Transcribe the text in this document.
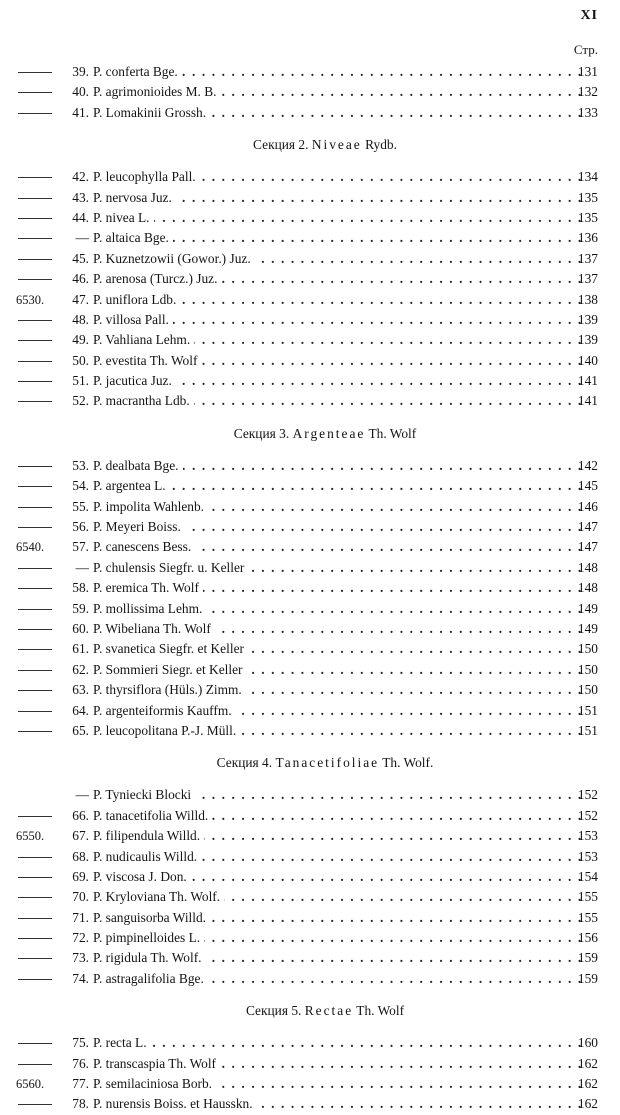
XI
Стр.
39. P. conferta Bge. . . .	131
40. P. agrimonioides M. B. . . .	132
41. P. Lomakinii Grossh. . . .	133
Секция 2. Niveae Rydb.
42. P. leucophylla Pall. . . .	134
43. P. nervosa Juz. . . .	135
44. P. nivea L. . . .	135
— P. altaica Bge. . . .	136
45. P. Kuznetzowii (Gowor.) Juz. . . .	137
46. P. arenosa (Turcz.) Juz. . . .	137
6530.	47. P. uniflora Ldb. . . .	138
48. P. villosa Pall. . . .	139
49. P. Vahliana Lehm. . . .	139
50. P. evestita Th. Wolf . . .	140
51. P. jacutica Juz. . . .	141
52. P. macrantha Ldb. . . .	141
Секция 3. Argenteae Th. Wolf
53. P. dealbata Bge. . . .	142
54. P. argentea L. . . .	145
55. P. impolita Wahlenb. . . .	146
56. P. Meyeri Boiss. . . .	147
6540.	57. P. canescens Bess. . . .	147
— P. chulensis Siegfr. u. Keller . . .	148
58. P. eremica Th. Wolf . . .	148
59. P. mollissima Lehm. . . .	149
60. P. Wibeliana Th. Wolf . . .	149
61. P. svanetica Siegfr. et Keller . . .	150
62. P. Sommieri Siegr. et Keller . . .	150
63. P. thyrsiflora (Hüls.) Zimm. . . .	150
64. P. argenteiformis Kauffm. . . .	151
65. P. leucopolitana P.-J. Müll. . . .	151
Секция 4. Tanacetifoliae Th. Wolf.
— P. Tyniecki Blocki . . .	152
66. P. tanacetifolia Willd. . . .	152
6550.	67. P. filipendula Willd. . . .	153
68. P. nudicaulis Willd. . . .	153
69. P. viscosa J. Don. . . .	154
70. P. Kryloviana Th. Wolf. . . .	155
71. P. sanguisorba Willd. . . .	155
72. P. pimpinelloides L. . . .	156
73. P. rigidula Th. Wolf. . . .	159
74. P. astragalifolia Bge. . . .	159
Секция 5. Rectae Th. Wolf
75. P. recta L. . . .	160
76. P. transcaspia Th. Wolf . . .	162
6560.	77. P. semilaciniosa Borb. . . .	162
78. P. nurensis Boiss. et Hausskn. . . .	162
